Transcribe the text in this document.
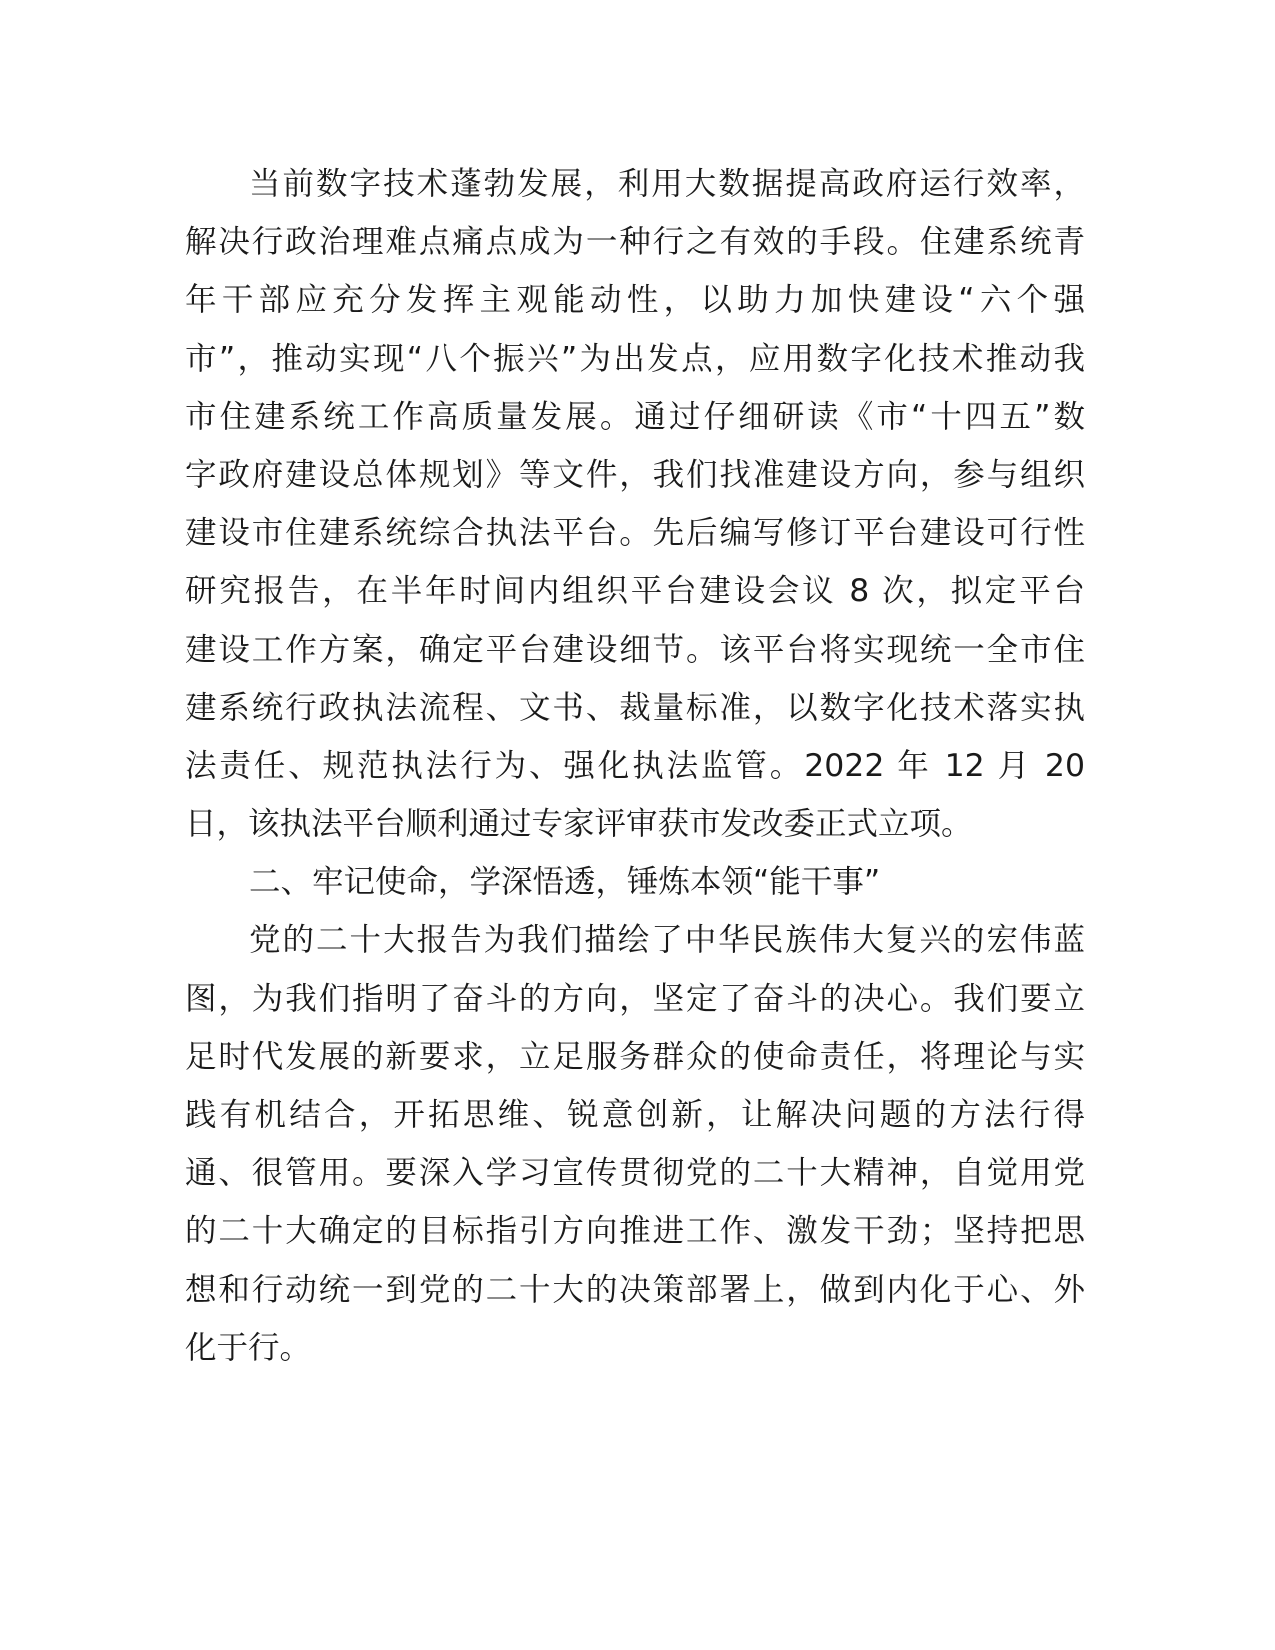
当前数字技术蓬勃发展，利用大数据提高政府运行效率，
解决行政治理难点痛点成为一种行之有效的手段。住建系统青
年干部应充分发挥主观能动性，以助力加快建设“六个强
市”，推动实现“八个振兴”为出发点，应用数字化技术推动我
市住建系统工作高质量发展。通过仔细研读《市“十四五”数
字政府建设总体规划》等文件，我们找准建设方向，参与组织
建设市住建系统综合执法平台。先后编写修订平台建设可行性
研究报告，在半年时间内组织平台建设会议 8 次，拟定平台
建设工作方案，确定平台建设细节。该平台将实现统一全市住
建系统行政执法流程、文书、裁量标准，以数字化技术落实执
法责任、规范执法行为、强化执法监管。2022 年 12 月 20
日，该执法平台顺利通过专家评审获市发改委正式立项。
二、牢记使命，学深悟透，锤炼本领“能干事”
党的二十大报告为我们描绘了中华民族伟大复兴的宏伟蓝
图，为我们指明了奋斗的方向，坚定了奋斗的决心。我们要立
足时代发展的新要求，立足服务群众的使命责任，将理论与实
践有机结合，开拓思维、锐意创新，让解决问题的方法行得
通、很管用。要深入学习宣传贯彻党的二十大精神，自觉用党
的二十大确定的目标指引方向推进工作、激发干劲；坚持把思
想和行动统一到党的二十大的决策部署上，做到内化于心、外
化于行。
